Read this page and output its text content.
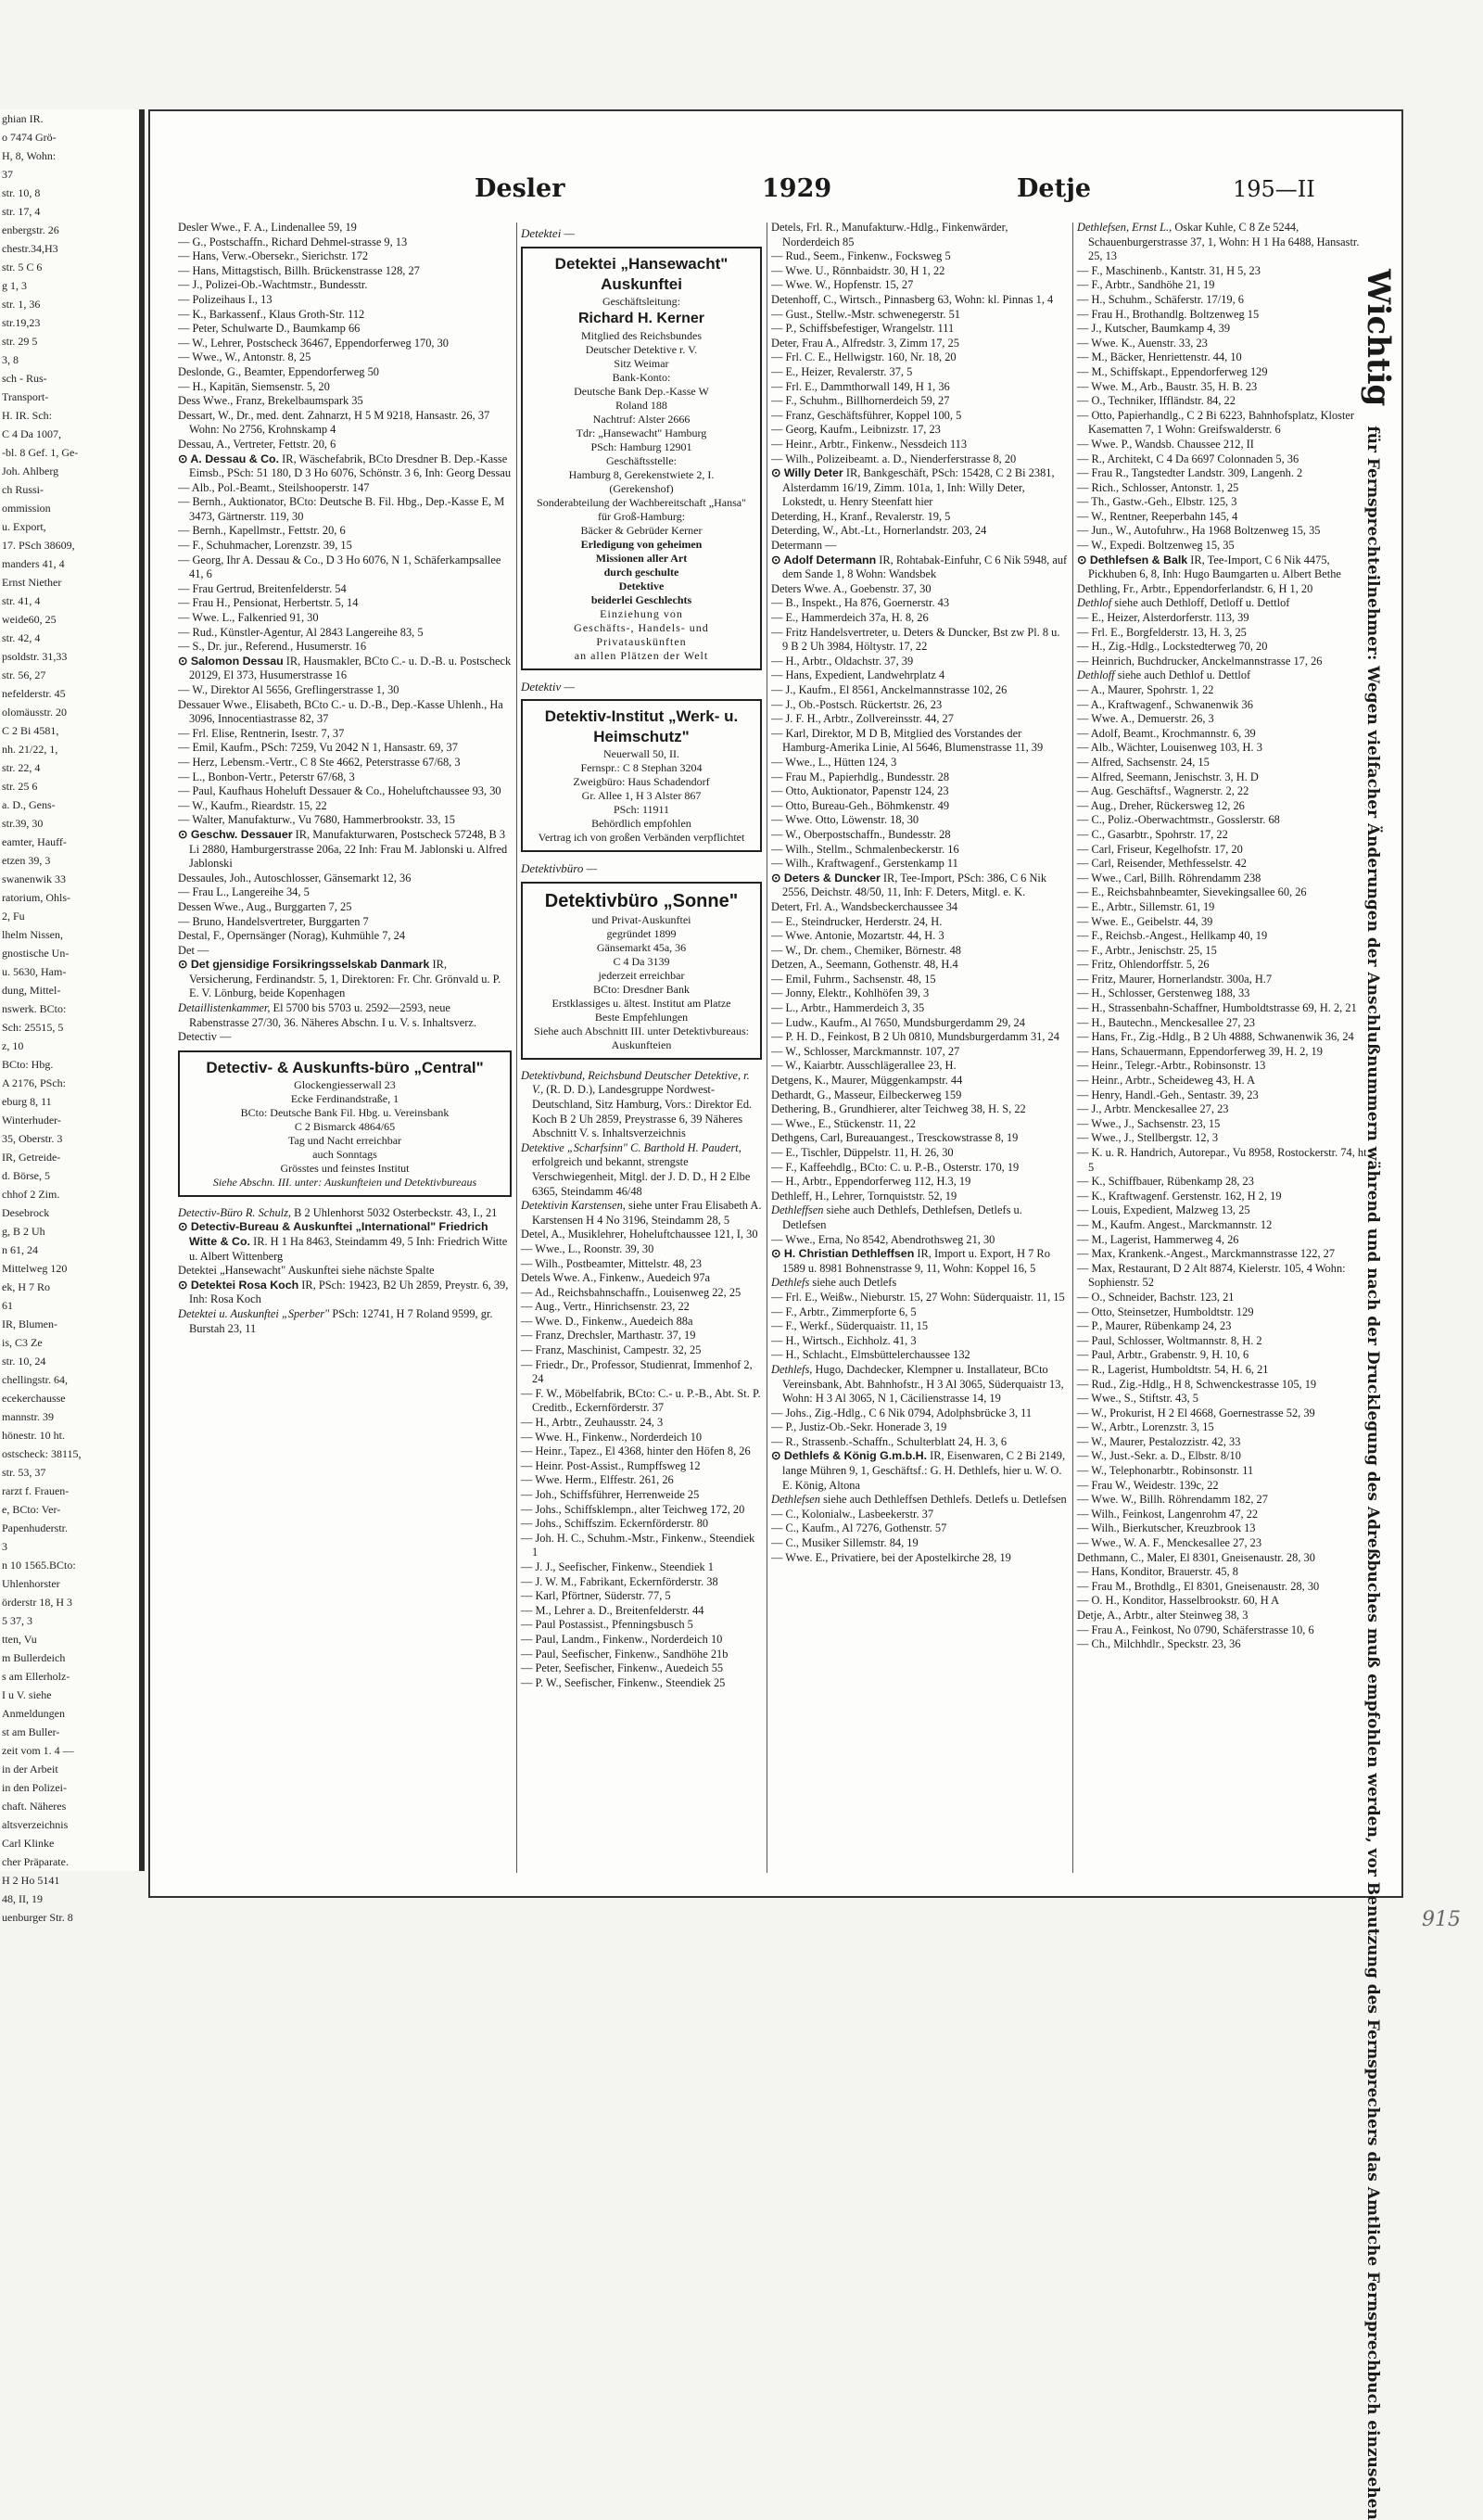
ghian IR.
o 7474 Grö-
H, 8, Wohn:
37
str. 10, 8
str. 17, 4
enbergstr. 26
chestr.34,H3
str. 5 C 6
g 1, 3
str. 1, 36
str.19,23
str. 29 5
3, 8
sch - Rus-
Transport-
H. IR. Sch:
C 4 Da 1007,
-bl. 8 Gef. 1, Ge-
Joh. Ahlberg
ch Russi-
ommission
u. Export,
17. PSch 38609,
manders 41, 4
Ernst Niether
str. 41, 4
weide60, 25
str. 42, 4
psoldstr. 31,33
str. 56, 27
nefelderstr. 45
olomäusstr. 20
C 2 Bi 4581,
nh. 21/22, 1,
str. 22, 4
str. 25 6
a. D., Gens-
str.39, 30
eamter, Hauff-
etzen 39, 3
swanenwik 33
ratorium, Ohls-
2, Fu
lhelm Nissen,
gnostische Un-
u. 5630, Ham-
dung, Mittel-
nswerk. BCto:
Sch: 25515, 5
z, 10
BCto: Hbg.
A 2176, PSch:
eburg 8, 11
Winterhuder-
35, Oberstr. 3
IR, Getreide-
d. Börse, 5
chhof 2 Zim.
Desebrock
g, B 2 Uh
n 61, 24
Mittelweg 120
ek, H 7 Ro
61
IR, Blumen-
is, C3 Ze
str. 10, 24
chellingstr. 64,
ecekerchausse
mannstr. 39
hönestr. 10 ht.
ostscheck: 38115,
str. 53, 37
rarzt f. Frauen-
e, BCto: Ver-
Papenhuderstr.
3
n 10 1565.BCto:
Uhlenhorster
örderstr 18, H 3
5 37, 3
tten, Vu
m Bullerdeich
s am Ellerholz-
I u V. siehe
Anmeldungen
st am Buller-
zeit vom 1. 4 —
in der Arbeit
in den Polizei-
chaft. Näheres
altsverzeichnis
Carl Klinke
cher Präparate.
H 2 Ho 5141
48, II, 19
uenburger Str. 8
Desler	1929	Detje	195—II
Desler Wwe., F. A., Lindenallee 59, 19
— G., Postschaffn., Richard Dehmel-strasse 9, 13
— Hans, Verw.-Obersekr., Sierichstr. 172
— Hans, Mittagstisch, Billh. Brückenstrasse 128, 27
— J., Polizei-Ob.-Wachtmstr., Bundesstr.
— Polizeihaus I., 13
— K., Barkassenf., Klaus Groth-Str. 112
— Peter, Schulwarte D., Baumkamp 66
— W., Lehrer, Postscheck 36467, Eppendorferweg 170, 30
— Wwe., W., Antonstr. 8, 25
Deslonde, G., Beamter, Eppendorferweg 50
— H., Kapitän, Siemsenstr. 5, 20
Dess Wwe., Franz, Brekelbaumspark 35
Dessart, W., Dr., med. dent. Zahnarzt, H 5 M 9218, Hansastr. 26, 37 Wohn: No 2756, Krohnskamp 4
Dessau, A., Vertreter, Fettstr. 20, 6
⊙ A. Dessau & Co. IR, Wäschefabrik, BCto Dresdner B. Dep.-Kasse Eimsb., PSch: 51 180, D 3 Ho 6076, Schönstr. 3 6, Inh: Georg Dessau
— Alb., Pol.-Beamt., Steilshooperstr. 147
— Bernh., Auktionator, BCto: Deutsche B. Fil. Hbg., Dep.-Kasse E, M 3473, Gärtnerstr. 119, 30
— Bernh., Kapellmstr., Fettstr. 20, 6
— F., Schuhmacher, Lorenzstr. 39, 15
— Georg, Ihr A. Dessau & Co., D 3 Ho 6076, N 1, Schäferkampsallee 41, 6
— Frau Gertrud, Breitenfelderstr. 54
— Frau H., Pensionat, Herbertstr. 5, 14
— Wwe. L., Falkenried 91, 30
— Rud., Künstler-Agentur, Al 2843 Langereihe 83, 5
— S., Dr. jur., Referend., Husumerstr. 16
⊙ Salomon Dessau IR, Hausmakler, BCto C.- u. D.-B. u. Postscheck 20129, El 373, Husumerstrasse 16
— W., Direktor Al 5656, Greflingerstrasse 1, 30
Dessauer Wwe., Elisabeth, BCto C.- u. D.-B., Dep.-Kasse Uhlenh., Ha 3096, Innocentiastrasse 82, 37
— Frl. Elise, Rentnerin, Isestr. 7, 37
— Emil, Kaufm., PSch: 7259, Vu 2042 N 1, Hansastr. 69, 37
— Herz, Lebensm.-Vertr., C 8 Ste 4662, Peterstrasse 67/68, 3
— L., Bonbon-Vertr., Peterstr 67/68, 3
— Paul, Kaufhaus Hoheluft Dessauer & Co., Hoheluftchaussee 93, 30
— W., Kaufm., Rieardstr. 15, 22
— Walter, Manufakturw., Vu 7680, Hammerbrookstr. 33, 15
⊙ Geschw. Dessauer IR, Manufakturwaren, Postscheck 57248, B 3 Li 2880, Hamburgerstrasse 206a, 22 Inh: Frau M. Jablonski u. Alfred Jablonski
Dessaules, Joh., Autoschlosser, Gänsemarkt 12, 36
— Frau L., Langereihe 34, 5
Dessen Wwe., Aug., Burggarten 7, 25
— Bruno, Handelsvertreter, Burggarten 7
Destal, F., Opernsänger (Norag), Kuhmühle 7, 24
Det —
⊙ Det gjensidige Forsikringsselskab Danmark IR, Versicherung, Ferdinandstr. 5, 1, Direktoren: Fr. Chr. Grönvald u. P. E. V. Lönburg, beide Kopenhagen
Detaillistenkammer, El 5700 bis 5703 u. 2592—2593, neue Rabenstrasse 27/30, 36. Näheres Abschn. I u. V. s. Inhaltsverz.
Detectiv —
Detectiv- & Auskunfts-büro „Central"
Glockengiesserwall 23
Ecke Ferdinandstraße, 1
BCto: Deutsche Bank Fil. Hbg. u. Vereinsbank
C 2 Bismarck 4864/65
Tag und Nacht erreichbar
auch Sonntags
Grösstes und feinstes Institut
Siehe Abschn. III. unter: Auskunfteien und Detektivbureaus
Detectiv-Büro R. Schulz, B 2 Uhlenhorst 5032 Osterbeckstr. 43, I., 21
⊙ Detectiv-Bureau & Auskunftei „International" Friedrich Witte & Co. IR. H 1 Ha 8463, Steindamm 49, 5 Inh: Friedrich Witte u. Albert Wittenberg
Detektei „Hansewacht" Auskunftei siehe nächste Spalte
⊙ Detektei Rosa Koch IR, PSch: 19423, B2 Uh 2859, Preystr. 6, 39, Inh: Rosa Koch
Detektei u. Auskunftei „Sperber" PSch: 12741, H 7 Roland 9599, gr. Burstah 23, 11
Detektei —
Detektei „Hansewacht" Auskunftei
Geschäftsleitung:
Richard H. Kerner
Mitglied des Reichsbundes
Deutscher Detektive r. V.
Sitz Weimar
Bank-Konto:
Deutsche Bank Dep.-Kasse W
Roland 188
Nachtruf: Alster 2666
Tdr: „Hansewacht" Hamburg
PSch: Hamburg 12901
Geschäftsstelle:
Hamburg 8, Gerekenstwiete 2, I.
(Gerekenshof)
Sonderabteilung der Wachbereitschaft „Hansa"
für Groß-Hamburg:
Bäcker & Gebrüder Kerner
Erledigung von geheimen
Missionen aller Art
durch geschulte
Detektive
beiderlei Geschlechts
Einziehung von
Geschäfts-, Handels- und
Privatauskünften
an allen Plätzen der Welt
Detektiv —
Detektiv-Institut „Werk- u. Heimschutz"
Neuerwall 50, II.
Fernspr.: C 8 Stephan 3204
Zweigbüro: Haus Schadendorf
Gr. Allee 1, H 3 Alster 867
PSch: 11911
Behördlich empfohlen
Vertrag ich von großen Verbänden verpflichtet
Detektivbüro —
Detektivbüro „Sonne"
und Privat-Auskunftei
gegründet 1899
Gänsemarkt 45a, 36
C 4 Da 3139
jederzeit erreichbar
BCto: Dresdner Bank
Erstklassiges u. ältest. Institut am Platze
Beste Empfehlungen
Siehe auch Abschnitt III. unter Detektivbureaus: Auskunfteien
Detektivbund, Reichsbund Deutscher Detektive, r. V., (R. D. D.), Landesgruppe Nordwest-Deutschland, Sitz Hamburg, Vors.: Direktor Ed. Koch B 2 Uh 2859, Preystrasse 6, 39 Näheres Abschnitt V. s. Inhaltsverzeichnis
Detektive „Scharfsinn" C. Barthold H. Paudert, erfolgreich und bekannt, strengste Verschwiegenheit, Mitgl. der J. D. D., H 2 Elbe 6365, Steindamm 46/48
Detektivin Karstensen, siehe unter Frau Elisabeth A. Karstensen H 4 No 3196, Steindamm 28, 5
Detel, A., Musiklehrer, Hoheluftchaussee 121, I, 30
— Wwe., L., Roonstr. 39, 30
— Wilh., Postbeamter, Mittelstr. 48, 23
Detels Wwe. A., Finkenw., Auedeich 97a
— Ad., Reichsbahnschaffn., Louisenweg 22, 25
— Aug., Vertr., Hinrichsenstr. 23, 22
— Wwe. D., Finkenw., Auedeich 88a
— Franz, Drechsler, Marthastr. 37, 19
— Franz, Maschinist, Campestr. 32, 25
— Friedr., Dr., Professor, Studienrat, Immenhof 2, 24
— F. W., Möbelfabrik, BCto: C.- u. P.-B., Abt. St. P. Creditb., Eckernförderstr. 37
— H., Arbtr., Zeuhausstr. 24, 3
— Wwe. H., Finkenw., Norderdeich 10
— Heinr., Tapez., El 4368, hinter den Höfen 8, 26
— Heinr. Post-Assist., Rumpffsweg 12
— Wwe. Herm., Elffestr. 261, 26
— Joh., Schiffsführer, Herrenweide 25
— Johs., Schiffsklempn., alter Teichweg 172, 20
— Johs., Schiffszim. Eckernförderstr. 80
— Joh. H. C., Schuhm.-Mstr., Finkenw., Steendiek 1
— J. J., Seefischer, Finkenw., Steendiek 1
— J. W. M., Fabrikant, Eckernförderstr. 38
— Karl, Pförtner, Süderstr. 77, 5
— M., Lehrer a. D., Breitenfelderstr. 44
— Paul Postassist., Pfenningsbusch 5
— Paul, Landm., Finkenw., Norderdeich 10
— Paul, Seefischer, Finkenw., Sandhöhe 21b
— Peter, Seefischer, Finkenw., Auedeich 55
— P. W., Seefischer, Finkenw., Steendiek 25
Detels, Frl. R., Manufakturw.-Hdlg., Finkenwärder, Norderdeich 85
— Rud., Seem., Finkenw., Focksweg 5
— Wwe. U., Rönnbaidstr. 30, H 1, 22
— Wwe. W., Hopfenstr. 15, 27
Detenhoff, C., Wirtsch., Pinnasberg 63, Wohn: kl. Pinnas 1, 4
— Gust., Stellw.-Mstr. schwenegerstr. 51
— P., Schiffsbefestiger, Wrangelstr. 111
Deter, Frau A., Alfredstr. 3, Zimm 17, 25
— Frl. C. E., Hellwigstr. 160, Nr. 18, 20
— E., Heizer, Revalerstr. 37, 5
— Frl. E., Dammthorwall 149, H 1, 36
— F., Schuhm., Billhornerdeich 59, 27
— Franz, Geschäftsführer, Koppel 100, 5
— Georg, Kaufm., Leibnizstr. 17, 23
— Heinr., Arbtr., Finkenw., Nessdeich 113
— Wilh., Polizeibeamt. a. D., Nienderferstrasse 8, 20
⊙ Willy Deter IR, Bankgeschäft, PSch: 15428, C 2 Bi 2381, Alsterdamm 16/19, Zimm. 101a, 1, Inh: Willy Deter, Lokstedt, u. Henry Steenfatt hier
Deterding, H., Kranf., Revalerstr. 19, 5
Deterding, W., Abt.-Lt., Hornerlandstr. 203, 24
Determann —
⊙ Adolf Determann IR, Rohtabak-Einfuhr, C 6 Nik 5948, auf dem Sande 1, 8 Wohn: Wandsbek
Deters Wwe. A., Goebenstr. 37, 30
— B., Inspekt., Ha 876, Goernerstr. 43
— E., Hammerdeich 37a, H. 8, 26
— Fritz Handelsvertreter, u. Deters & Duncker, Bst zw Pl. 8 u. 9 B 2 Uh 3984, Höltystr. 17, 22
— H., Arbtr., Oldachstr. 37, 39
— Hans, Expedient, Landwehrplatz 4
— J., Kaufm., El 8561, Anckelmannstrasse 102, 26
— J., Ob.-Postsch. Rückertstr. 26, 23
— J. F. H., Arbtr., Zollvereinsstr. 44, 27
— Karl, Direktor, M D B, Mitglied des Vorstandes der Hamburg-Amerika Linie, Al 5646, Blumenstrasse 11, 39
— Wwe., L., Hütten 124, 3
— Frau M., Papierhdlg., Bundesstr. 28
— Otto, Auktionator, Papenstr 124, 23
— Otto, Bureau-Geh., Böhmkenstr. 49
— Wwe. Otto, Löwenstr. 18, 30
— W., Oberpostschaffn., Bundesstr. 28
— Wilh., Stellm., Schmalenbeckerstr. 16
— Wilh., Kraftwagenf., Gerstenkamp 11
⊙ Deters & Duncker IR, Tee-Import, PSch: 386, C 6 Nik 2556, Deichstr. 48/50, 11, Inh: F. Deters, Mitgl. e. K.
Detert, Frl. A., Wandsbeckerchaussee 34
— E., Steindrucker, Herderstr. 24, H.
— Wwe. Antonie, Mozartstr. 44, H. 3
— W., Dr. chem., Chemiker, Börnestr. 48
Detzen, A., Seemann, Gothenstr. 48, H.4
— Emil, Fuhrm., Sachsenstr. 48, 15
— Jonny, Elektr., Kohlhöfen 39, 3
— L., Arbtr., Hammerdeich 3, 35
— Ludw., Kaufm., Al 7650, Mundsburgerdamm 29, 24
— P. H. D., Feinkost, B 2 Uh 0810, Mundsburgerdamm 31, 24
— W., Schlosser, Marckmannstr. 107, 27
— W., Kaiarbtr. Ausschlägerallee 23, H.
Detgens, K., Maurer, Müggenkampstr. 44
Dethardt, G., Masseur, Eilbeckerweg 159
Dethering, B., Grundhierer, alter Teichweg 38, H. S, 22
— Wwe., E., Stückenstr. 11, 22
Dethgens, Carl, Bureauangest., Tresckowstrasse 8, 19
— E., Tischler, Düppelstr. 11, H. 26, 30
— F., Kaffeehdlg., BCto: C. u. P.-B., Osterstr. 170, 19
— H., Arbtr., Eppendorferweg 112, H.3, 19
Dethleff, H., Lehrer, Tornquiststr. 52, 19
Dethleffsen siehe auch Dethlefs, Dethlefsen, Detlefs u. Detlefsen
— Wwe., Erna, No 8542, Abendrothsweg 21, 30
⊙ H. Christian Dethleffsen IR, Import u. Export, H 7 Ro 1589 u. 8981 Bohnenstrasse 9, 11, Wohn: Koppel 16, 5
Dethlefs siehe auch Detlefs
— Frl. E., Weißw., Nieburstr. 15, 27 Wohn: Süderquaistr. 11, 15
— F., Arbtr., Zimmerpforte 6, 5
— F., Werkf., Süderquaistr. 11, 15
— H., Wirtsch., Eichholz. 41, 3
— H., Schlacht., Elmsbüttelerchaussee 132
Dethlefs, Hugo, Dachdecker, Klempner u. Installateur, BCto Vereinsbank, Abt. Bahnhofstr., H 3 Al 3065, Süderquaistr 13, Wohn: H 3 Al 3065, N 1, Cäcilienstrasse 14, 19
— Johs., Zig.-Hdlg., C 6 Nik 0794, Adolphsbrücke 3, 11
— P., Justiz-Ob.-Sekr. Honerade 3, 19
— R., Strassenb.-Schaffn., Schulterblatt 24, H. 3, 6
⊙ Dethlefs & König G.m.b.H. IR, Eisenwaren, C 2 Bi 2149, lange Mühren 9, 1, Geschäftsf.: G. H. Dethlefs, hier u. W. O. E. König, Altona
Dethlefsen siehe auch Dethleffsen Dethlefs. Detlefs u. Detlefsen
— C., Kolonialw., Lasbeekerstr. 37
— C., Kaufm., Al 7276, Gothenstr. 57
— C., Musiker Sillemstr. 84, 19
— Wwe. E., Privatiere, bei der Apostelkirche 28, 19
Dethlefsen, Ernst L., Oskar Kuhle, C 8 Ze 5244, Schauenburgerstrasse 37, 1, Wohn: H 1 Ha 6488, Hansastr. 25, 13
— F., Maschinenb., Kantstr. 31, H 5, 23
— F., Arbtr., Sandhöhe 21, 19
— H., Schuhm., Schäferstr. 17/19, 6
— Frau H., Brothandlg. Boltzenweg 15
— J., Kutscher, Baumkamp 4, 39
— Wwe. K., Auenstr. 33, 23
— M., Bäcker, Henriettenstr. 44, 10
— M., Schiffskapt., Eppendorferweg 129
— Wwe. M., Arb., Baustr. 35, H. B. 23
— O., Techniker, Iffländstr. 84, 22
— Otto, Papierhandlg., C 2 Bi 6223, Bahnhofsplatz, Kloster Kasematten 7, 1 Wohn: Greifswalderstr. 6
— Wwe. P., Wandsb. Chaussee 212, II
— R., Architekt, C 4 Da 6697 Colonnaden 5, 36
— Frau R., Tangstedter Landstr. 309, Langenh. 2
— Rich., Schlosser, Antonstr. 1, 25
— Th., Gastw.-Geh., Elbstr. 125, 3
— W., Rentner, Reeperbahn 145, 4
— Jun., W., Autofuhrw., Ha 1968 Boltzenweg 15, 35
— W., Expedi. Boltzenweg 15, 35
⊙ Dethlefsen & Balk IR, Tee-Import, C 6 Nik 4475, Pickhuben 6, 8, Inh: Hugo Baumgarten u. Albert Bethe
Dethling, Fr., Arbtr., Eppendorferlandstr. 6, H 1, 20
Dethlof siehe auch Dethloff, Detloff u. Dettlof
— E., Heizer, Alsterdorferstr. 113, 39
— Frl. E., Borgfelderstr. 13, H. 3, 25
— H., Zig.-Hdlg., Lockstedterweg 70, 20
— Heinrich, Buchdrucker, Anckelmannstrasse 17, 26
Dethloff siehe auch Dethlof u. Dettlof
— A., Maurer, Spohrstr. 1, 22
— A., Kraftwagenf., Schwanenwik 36
— Wwe. A., Demuerstr. 26, 3
— Adolf, Beamt., Krochmannstr. 6, 39
— Alb., Wächter, Louisenweg 103, H. 3
— Alfred, Sachsenstr. 24, 15
— Alfred, Seemann, Jenischstr. 3, H. D
— Aug. Geschäftsf., Wagnerstr. 2, 22
— Aug., Dreher, Rückersweg 12, 26
— C., Poliz.-Oberwachtmstr., Gosslerstr. 68
— C., Gasarbtr., Spohrstr. 17, 22
— Carl, Friseur, Kegelhofstr. 17, 20
— Carl, Reisender, Methfesselstr. 42
— Wwe., Carl, Billh. Röhrendamm 238
— E., Reichsbahnbeamter, Sievekingsallee 60, 26
— E., Arbtr., Sillemstr. 61, 19
— Wwe. E., Geibelstr. 44, 39
— F., Reichsb.-Angest., Hellkamp 40, 19
— F., Arbtr., Jenischstr. 25, 15
— Fritz, Ohlendorffstr. 5, 26
— Fritz, Maurer, Hornerlandstr. 300a, H.7
— H., Schlosser, Gerstenweg 188, 33
— H., Strassenbahn-Schaffner, Humboldtstrasse 69, H. 2, 21
— H., Bautechn., Menckesallee 27, 23
— Hans, Fr., Zig.-Hdlg., B 2 Uh 4888, Schwanenwik 36, 24
— Hans, Schauermann, Eppendorferweg 39, H. 2, 19
— Heinr., Telegr.-Arbtr., Robinsonstr. 13
— Heinr., Arbtr., Scheideweg 43, H. A
— Henry, Handl.-Geh., Sentastr. 39, 23
— J., Arbtr. Menckesallee 27, 23
— Wwe., J., Sachsenstr. 23, 15
— Wwe., J., Stellbergstr. 12, 3
— K. u. R. Handrich, Autorepar., Vu 8958, Rostockerstr. 74, ht., 5
— K., Schiffbauer, Rübenkamp 28, 23
— K., Kraftwagenf. Gerstenstr. 162, H 2, 19
— Louis, Expedient, Malzweg 13, 25
— M., Kaufm. Angest., Marckmannstr. 12
— M., Lagerist, Hammerweg 4, 26
— Max, Krankenk.-Angest., Marckmannstrasse 122, 27
— Max, Restaurant, D 2 Alt 8874, Kielerstr. 105, 4 Wohn: Sophienstr. 52
— O., Schneider, Bachstr. 123, 21
— Otto, Steinsetzer, Humboldtstr. 129
— P., Maurer, Rübenkamp 24, 23
— Paul, Schlosser, Woltmannstr. 8, H. 2
— Paul, Arbtr., Grabenstr. 9, H. 10, 6
— R., Lagerist, Humboldtstr. 54, H. 6, 21
— Rud., Zig.-Hdlg., H 8, Schwenckestrasse 105, 19
— Wwe., S., Stiftstr. 43, 5
— W., Prokurist, H 2 El 4668, Goernestrasse 52, 39
— W., Arbtr., Lorenzstr. 3, 15
— W., Maurer, Pestalozzistr. 42, 33
— W., Just.-Sekr. a. D., Elbstr. 8/10
— W., Telephonarbtr., Robinsonstr. 11
— Frau W., Weidestr. 139c, 22
— Wwe. W., Billh. Röhrendamm 182, 27
— Wilh., Feinkost, Langenrohm 47, 22
— Wilh., Bierkutscher, Kreuzbrook 13
— Wwe., W. A. F., Menckesallee 27, 23
Dethmann, C., Maler, El 8301, Gneisenaustr. 28, 30
— Hans, Konditor, Brauerstr. 45, 8
— Frau M., Brothdlg., El 8301, Gneisenaustr. 28, 30
— O. H., Konditor, Hasselbrookstr. 60, H A
Detje, A., Arbtr., alter Steinweg 38, 3
— Frau A., Feinkost, No 0790, Schäferstrasse 10, 6
— Ch., Milchhdlr., Speckstr. 23, 36
Wichtig für Fernsprechteilnehmer: Wegen vielfacher Änderungen der Anschlußnummern während und nach der Drucklegung des Adreßbuches muß empfohlen werden, vor Benutzung des Fernsprechers das Amtliche Fernsprechbuch einzusehen	915
